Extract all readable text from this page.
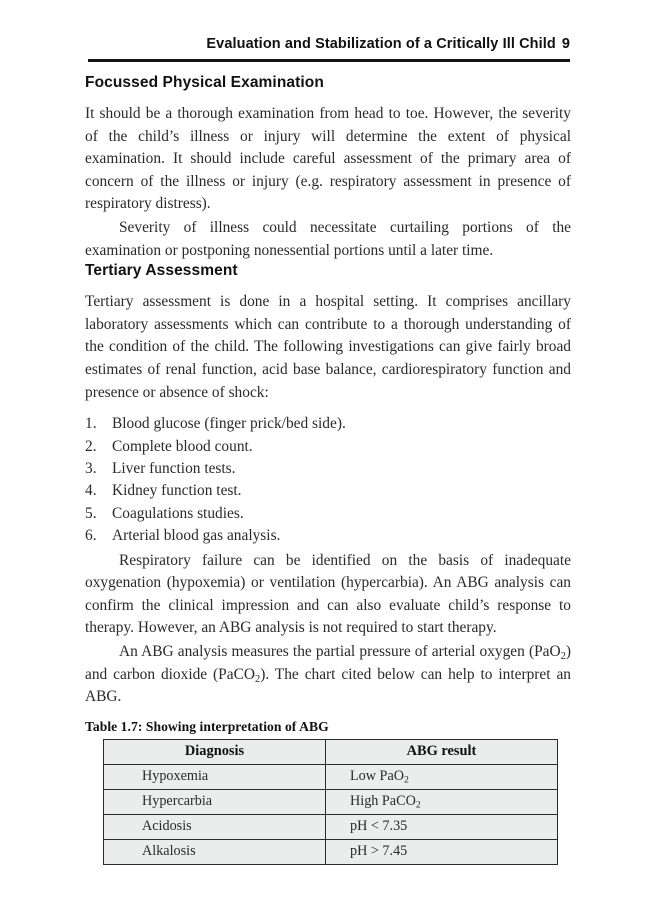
Evaluation and Stabilization of a Critically Ill Child 9
Focussed Physical Examination

It should be a thorough examination from head to toe. However, the severity of the child’s illness or injury will determine the extent of physical examination. It should include careful assessment of the primary area of concern of the illness or injury (e.g. respiratory assessment in presence of respiratory distress).

Severity of illness could necessitate curtailing portions of the examination or postponing nonessential portions until a later time.

Tertiary Assessment

Tertiary assessment is done in a hospital setting. It comprises ancillary laboratory assessments which can contribute to a thorough understanding of the condition of the child. The following investigations can give fairly broad estimates of renal function, acid base balance, cardiorespiratory function and presence or absence of shock:

1.	Blood glucose (finger prick/bed side).
2.	Complete blood count.
3.	Liver function tests.
4.	Kidney function test.
5.	Coagulations studies.
6.	Arterial blood gas analysis.

Respiratory failure can be identified on the basis of inadequate oxygenation (hypoxemia) or ventilation (hypercarbia). An ABG analysis can confirm the clinical impression and can also evaluate child’s response to therapy. However, an ABG analysis is not required to start therapy.

An ABG analysis measures the partial pressure of arterial oxygen (PaO$_2$) and carbon dioxide (PaCO$_2$). The chart cited below can help to interpret an ABG.

Table 1.7: Showing interpretation of ABG
Diagnosis	ABG result
Hypoxemia	Low PaO$_2$
Hypercarbia	High PaCO$_2$
Acidosis	pH < 7.35
Alkalosis	pH > 7.45
